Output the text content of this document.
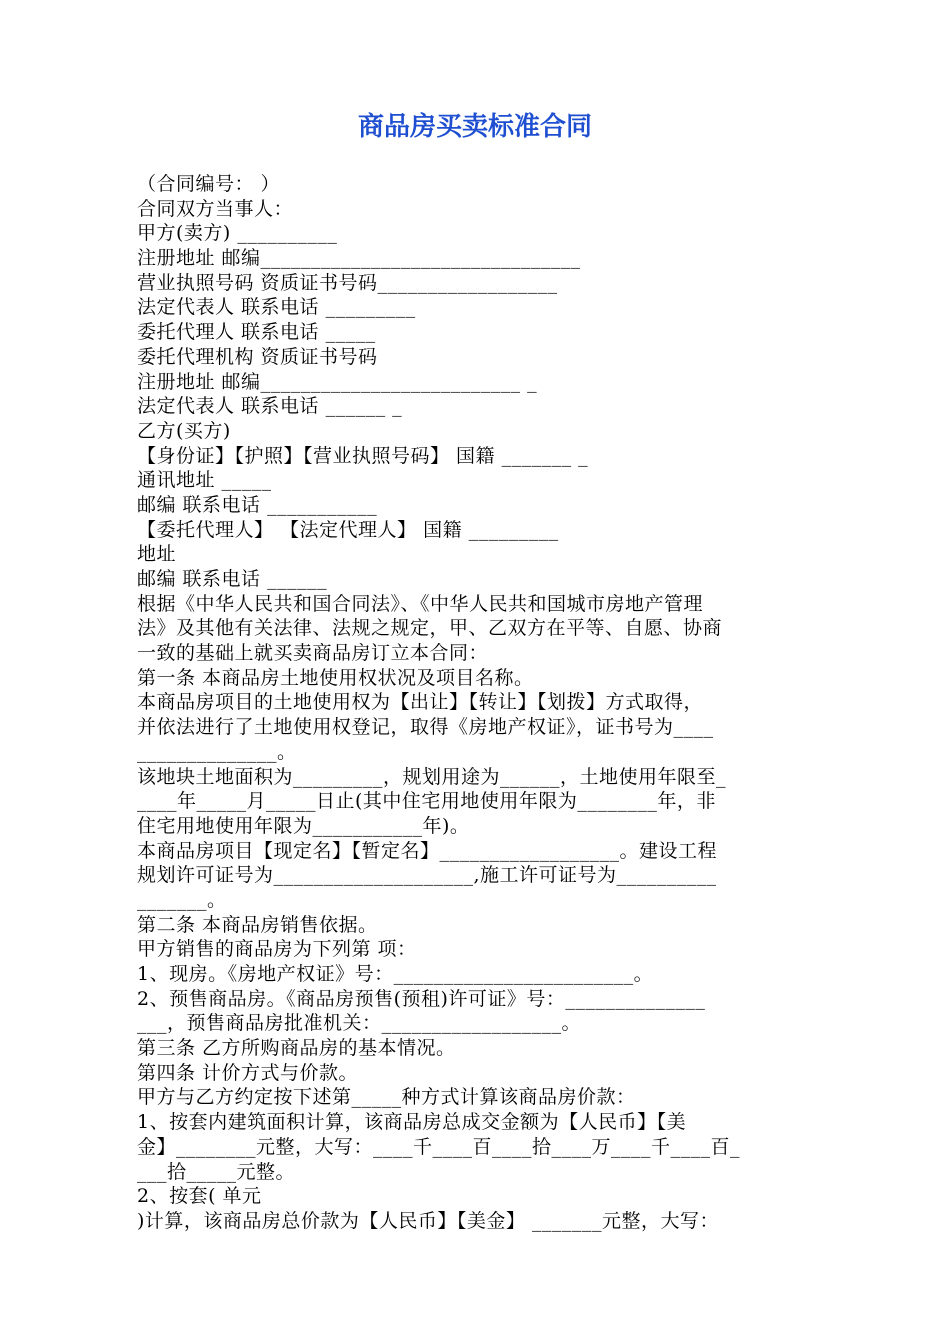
商品房买卖标准合同
（合同编号： ）
合同双方当事人：
甲方(卖方) __________
注册地址 邮编________________________________
营业执照号码 资质证书号码__________________
法定代表人 联系电话 _________
委托代理人 联系电话 _____
委托代理机构 资质证书号码
注册地址 邮编__________________________ _
法定代表人 联系电话 ______ _
乙方(买方)
【身份证】【护照】【营业执照号码】 国籍 _______ _
通讯地址 _____
邮编 联系电话 ___________
【委托代理人】 【法定代理人】 国籍 _________
地址
邮编 联系电话 ______
根据《中华人民共和国合同法》、《中华人民共和国城市房地产管理
法》及其他有关法律、法规之规定，甲、乙双方在平等、自愿、协商
一致的基础上就买卖商品房订立本合同：
第一条 本商品房土地使用权状况及项目名称。
本商品房项目的土地使用权为【出让】【转让】【划拨】方式取得，
并依法进行了土地使用权登记，取得《房地产权证》，证书号为____
______________。
该地块土地面积为_________，规划用途为______，土地使用年限至_
____年_____月_____日止(其中住宅用地使用年限为________年，非
住宅用地使用年限为___________年)。
本商品房项目【现定名】【暂定名】__________________。建设工程
规划许可证号为____________________,施工许可证号为__________
_______。
第二条 本商品房销售依据。
甲方销售的商品房为下列第 项：
1、现房。《房地产权证》号：________________________。
2、预售商品房。《商品房预售(预租)许可证》号：______________
___，预售商品房批准机关：__________________。
第三条 乙方所购商品房的基本情况。
第四条 计价方式与价款。
甲方与乙方约定按下述第_____种方式计算该商品房价款：
1、按套内建筑面积计算，该商品房总成交金额为【人民币】【美
金】________元整，大写：____千____百____拾____万____千____百_
___拾_____元整。
2、按套( 单元
)计算，该商品房总价款为【人民币】【美金】 _______元整，大写：
